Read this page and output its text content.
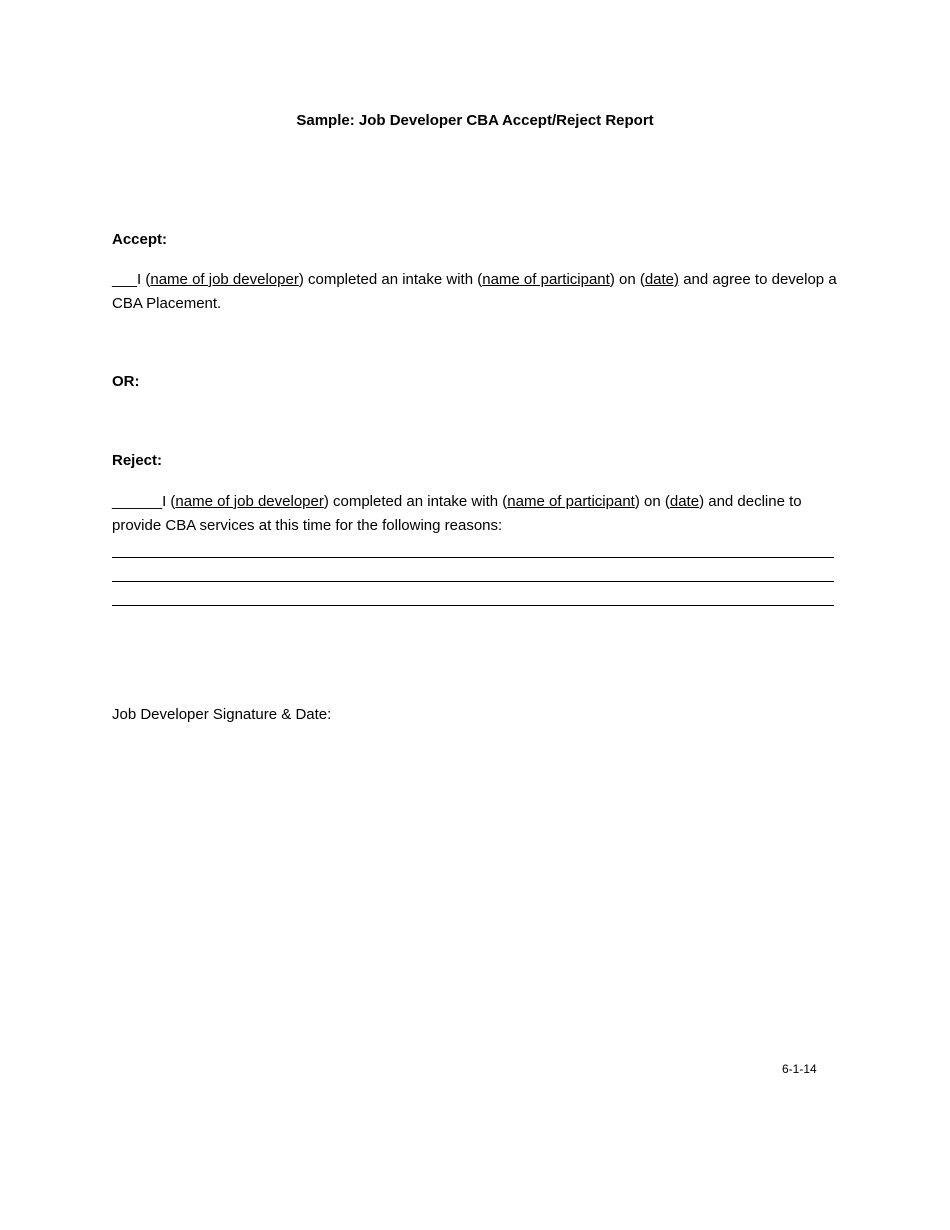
Sample: Job Developer CBA Accept/Reject Report
Accept:
___I (name of job developer) completed an intake with (name of participant) on (date) and agree to develop a CBA Placement.
OR:
Reject:
______I (name of job developer) completed an intake with (name of participant) on (date) and decline to provide CBA services at this time for the following reasons:
Job Developer Signature & Date:
6-1-14
